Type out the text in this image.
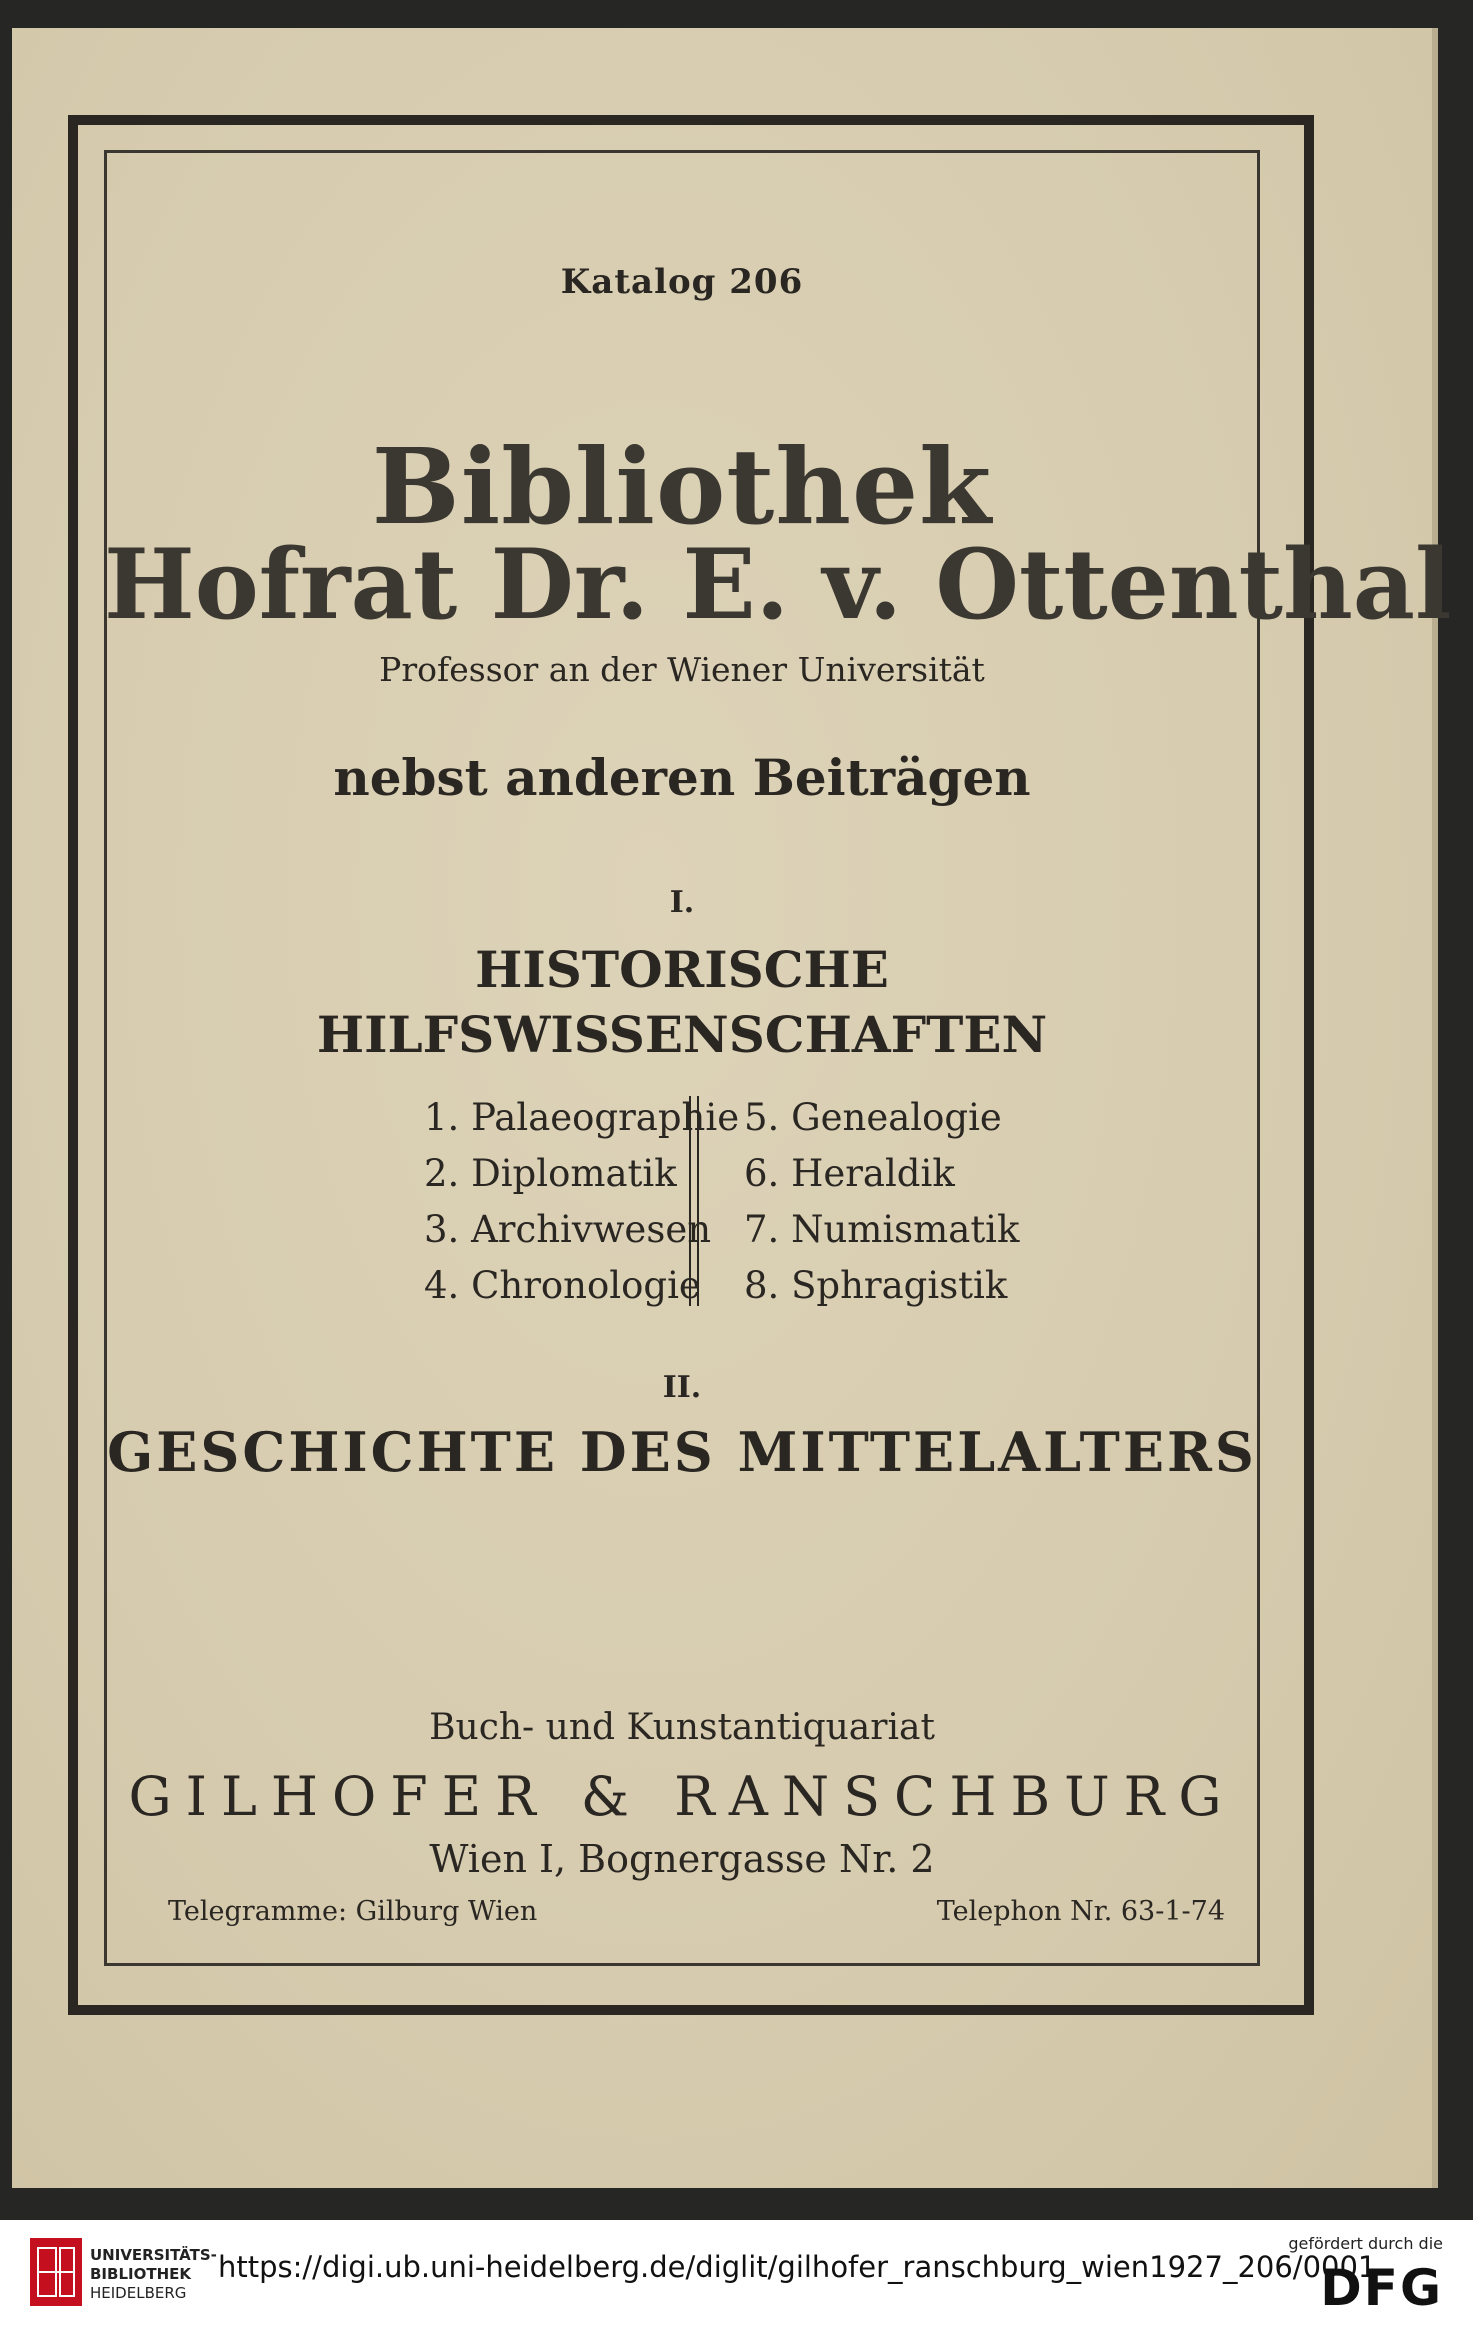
Katalog 206
Bibliothek
Hofrat Dr. E. v. Ottenthal
Professor an der Wiener Universität
nebst anderen Beiträgen
I.
HISTORISCHE
HILFSWISSENSCHAFTEN
1. Palaeographie
2. Diplomatik
3. Archivwesen
4. Chronologie
5. Genealogie
6. Heraldik
7. Numismatik
8. Sphragistik
II.
GESCHICHTE DES MITTELALTERS
Buch- und Kunstantiquariat
GILHOFER & RANSCHBURG
Wien I, Bognergasse Nr. 2
Telegramme: Gilburg Wien	Telephon Nr. 63-1-74
UNIVERSITÄTS-
BIBLIOTHEK
HEIDELBERG
https://digi.ub.uni-heidelberg.de/diglit/gilhofer_ranschburg_wien1927_206/0001
gefördert durch die
DFG
